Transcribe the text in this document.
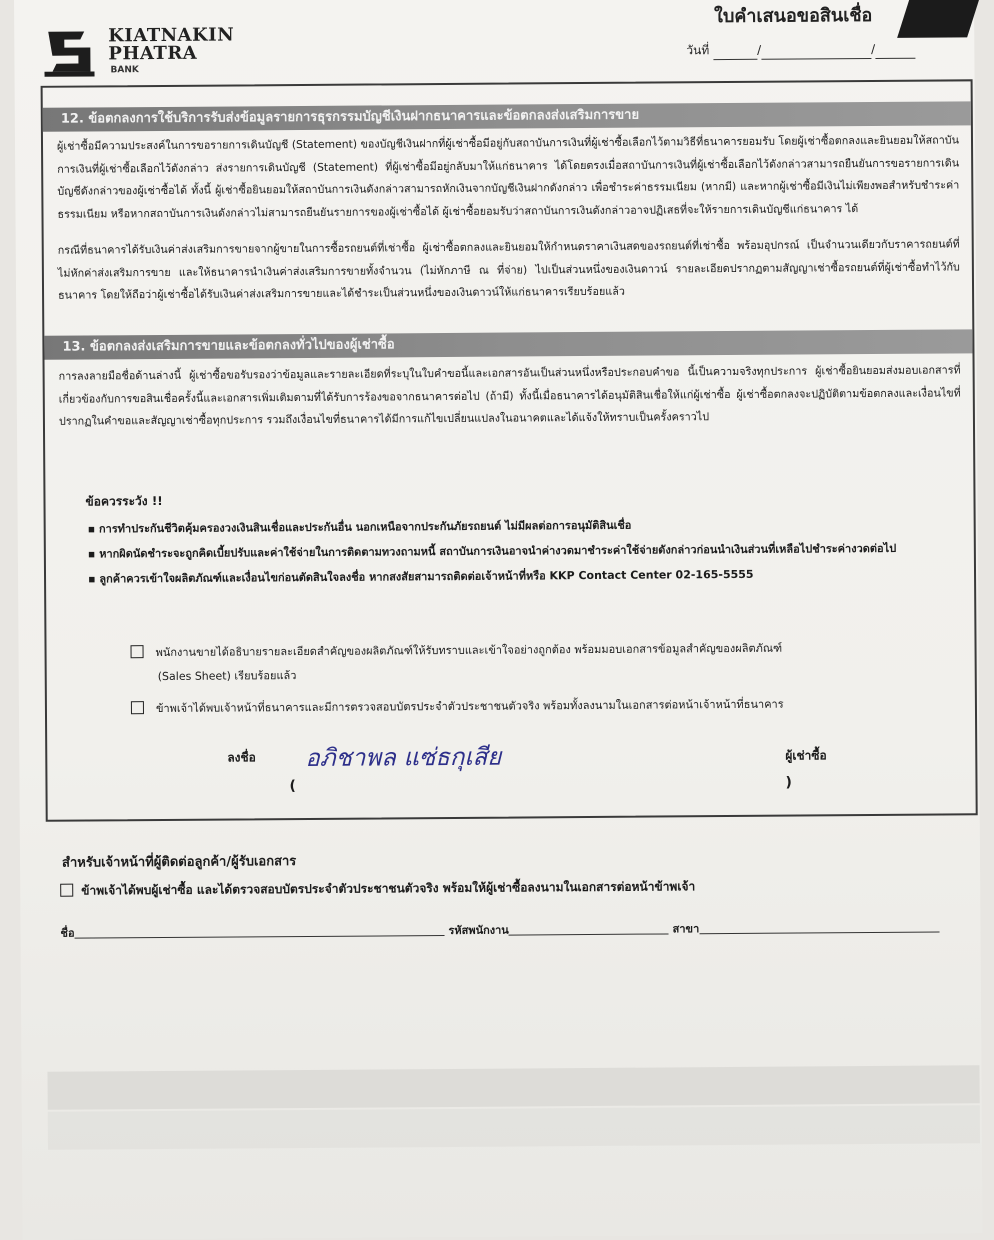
KIATNAKIN
PHATRA
BANK
ใบคำเสนอขอสินเชื่อ
วันที่	/	/
12. ข้อตกลงการใช้บริการรับส่งข้อมูลรายการธุรกรรมบัญชีเงินฝากธนาคารและข้อตกลงส่งเสริมการขาย
ผู้เช่าซื้อมีความประสงค์ในการขอรายการเดินบัญชี (Statement) ของบัญชีเงินฝากที่ผู้เช่าซื้อมีอยู่กับสถาบันการเงินที่ผู้เช่าซื้อเลือกไว้ตามวิธีที่ธนาคารยอมรับ โดยผู้เช่าซื้อตกลงและยินยอมให้สถาบันการเงินที่ผู้เช่าซื้อเลือกไว้ดังกล่าว ส่งรายการเดินบัญชี (Statement) ที่ผู้เช่าซื้อมีอยู่กลับมาให้แก่ธนาคาร ได้โดยตรงเมื่อสถาบันการเงินที่ผู้เช่าซื้อเลือกไว้ดังกล่าวสามารถยืนยันการขอรายการเดินบัญชีดังกล่าวของผู้เช่าซื้อได้ ทั้งนี้ ผู้เช่าซื้อยินยอมให้สถาบันการเงินดังกล่าวสามารถหักเงินจากบัญชีเงินฝากดังกล่าว เพื่อชำระค่าธรรมเนียม (หากมี) และหากผู้เช่าซื้อมีเงินไม่เพียงพอสำหรับชำระค่าธรรมเนียม หรือหากสถาบันการเงินดังกล่าวไม่สามารถยืนยันรายการของผู้เช่าซื้อได้ ผู้เช่าซื้อยอมรับว่าสถาบันการเงินดังกล่าวอาจปฏิเสธที่จะให้รายการเดินบัญชีแก่ธนาคาร ได้
กรณีที่ธนาคารได้รับเงินค่าส่งเสริมการขายจากผู้ขายในการซื้อรถยนต์ที่เช่าซื้อ ผู้เช่าซื้อตกลงและยินยอมให้กำหนดราคาเงินสดของรถยนต์ที่เช่าซื้อ พร้อมอุปกรณ์ เป็นจำนวนเดียวกับราคารถยนต์ที่ไม่หักค่าส่งเสริมการขาย และให้ธนาคารนำเงินค่าส่งเสริมการขายทั้งจำนวน (ไม่หักภาษี ณ ที่จ่าย) ไปเป็นส่วนหนึ่งของเงินดาวน์ รายละเอียดปรากฏตามสัญญาเช่าซื้อรถยนต์ที่ผู้เช่าซื้อทำไว้กับธนาคาร โดยให้ถือว่าผู้เช่าซื้อได้รับเงินค่าส่งเสริมการขายและได้ชำระเป็นส่วนหนึ่งของเงินดาวน์ให้แก่ธนาคารเรียบร้อยแล้ว
13. ข้อตกลงส่งเสริมการขายและข้อตกลงทั่วไปของผู้เช่าซื้อ
การลงลายมือชื่อด้านล่างนี้ ผู้เช่าซื้อขอรับรองว่าข้อมูลและรายละเอียดที่ระบุในใบคำขอนี้และเอกสารอันเป็นส่วนหนึ่งหรือประกอบคำขอ นี้เป็นความจริงทุกประการ ผู้เช่าซื้อยินยอมส่งมอบเอกสารที่เกี่ยวข้องกับการขอสินเชื่อครั้งนี้และเอกสารเพิ่มเติมตามที่ได้รับการร้องขอจากธนาคารต่อไป (ถ้ามี) ทั้งนี้เมื่อธนาคารได้อนุมัติสินเชื่อให้แก่ผู้เช่าซื้อ ผู้เช่าซื้อตกลงจะปฏิบัติตามข้อตกลงและเงื่อนไขที่ปรากฏในคำขอและสัญญาเช่าซื้อทุกประการ รวมถึงเงื่อนไขที่ธนาคารได้มีการแก้ไขเปลี่ยนแปลงในอนาคตและได้แจ้งให้ทราบเป็นครั้งคราวไป
ข้อควรระวัง !!
▪ การทำประกันชีวิตคุ้มครองวงเงินสินเชื่อและประกันอื่น นอกเหนือจากประกันภัยรถยนต์ ไม่มีผลต่อการอนุมัติสินเชื่อ
▪ หากผิดนัดชำระจะถูกคิดเบี้ยปรับและค่าใช้จ่ายในการติดตามทวงถามหนี้ สถาบันการเงินอาจนำค่างวดมาชำระค่าใช้จ่ายดังกล่าวก่อนนำเงินส่วนที่เหลือไปชำระค่างวดต่อไป
▪ ลูกค้าควรเข้าใจผลิตภัณฑ์และเงื่อนไขก่อนตัดสินใจลงชื่อ หากสงสัยสามารถติดต่อเจ้าหน้าที่หรือ KKP Contact Center 02-165-5555
พนักงานขายได้อธิบายรายละเอียดสำคัญของผลิตภัณฑ์ให้รับทราบและเข้าใจอย่างถูกต้อง พร้อมมอบเอกสารข้อมูลสำคัญของผลิตภัณฑ์
(Sales Sheet) เรียบร้อยแล้ว
ข้าพเจ้าได้พบเจ้าหน้าที่ธนาคารและมีการตรวจสอบบัตรประจำตัวประชาชนตัวจริง พร้อมทั้งลงนามในเอกสารต่อหน้าเจ้าหน้าที่ธนาคาร
ลงชื่อ อภิชาพล แซ่ธกุเสีย	ผู้เช่าซื้อ
(	)
สำหรับเจ้าหน้าที่ผู้ติดต่อลูกค้า/ผู้รับเอกสาร
ข้าพเจ้าได้พบผู้เช่าซื้อ และได้ตรวจสอบบัตรประจำตัวประชาชนตัวจริง พร้อมให้ผู้เช่าซื้อลงนามในเอกสารต่อหน้าข้าพเจ้า
ชื่อ	รหัสพนักงาน	สาขา
